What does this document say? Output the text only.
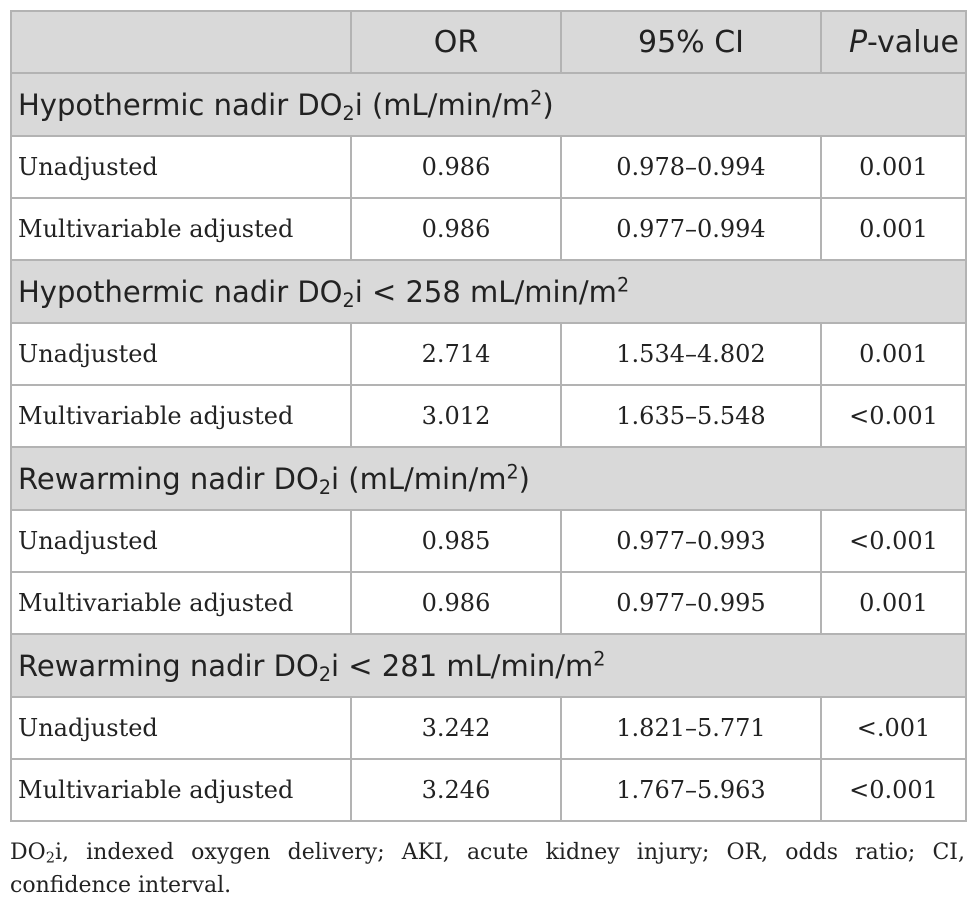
	OR	95% CI	P-value
Hypothermic nadir $DO_2i$ $(mL/\min/m^2)$			
Unadjusted	0.986	0.978–0.994	0.001
Multivariable adjusted	0.986	0.977–0.994	0.001
Hypothermic nadir $DO_2i < 258$ $mL/\min/m^2$
Unadjusted	2.714	1.534–4.802	0.001
Multivariable adjusted	3.012	1.635–5.548	<0.001
Rewarming nadir $DO_2i$ $(mL/\min/m^2)$			
Unadjusted	0.985	0.977–0.993	<0.001
Multivariable adjusted	0.986	0.977–0.995	0.001
Rewarming nadir $DO_2i < 281$ $mL/\min/m^2$
Unadjusted	3.242	1.821–5.771	<.001
Multivariable adjusted	3.246	1.767–5.963	<0.001

$DO_2i$, indexed oxygen delivery; AKI, acute kidney injury; OR, odds ratio; CI, confidence interval.
